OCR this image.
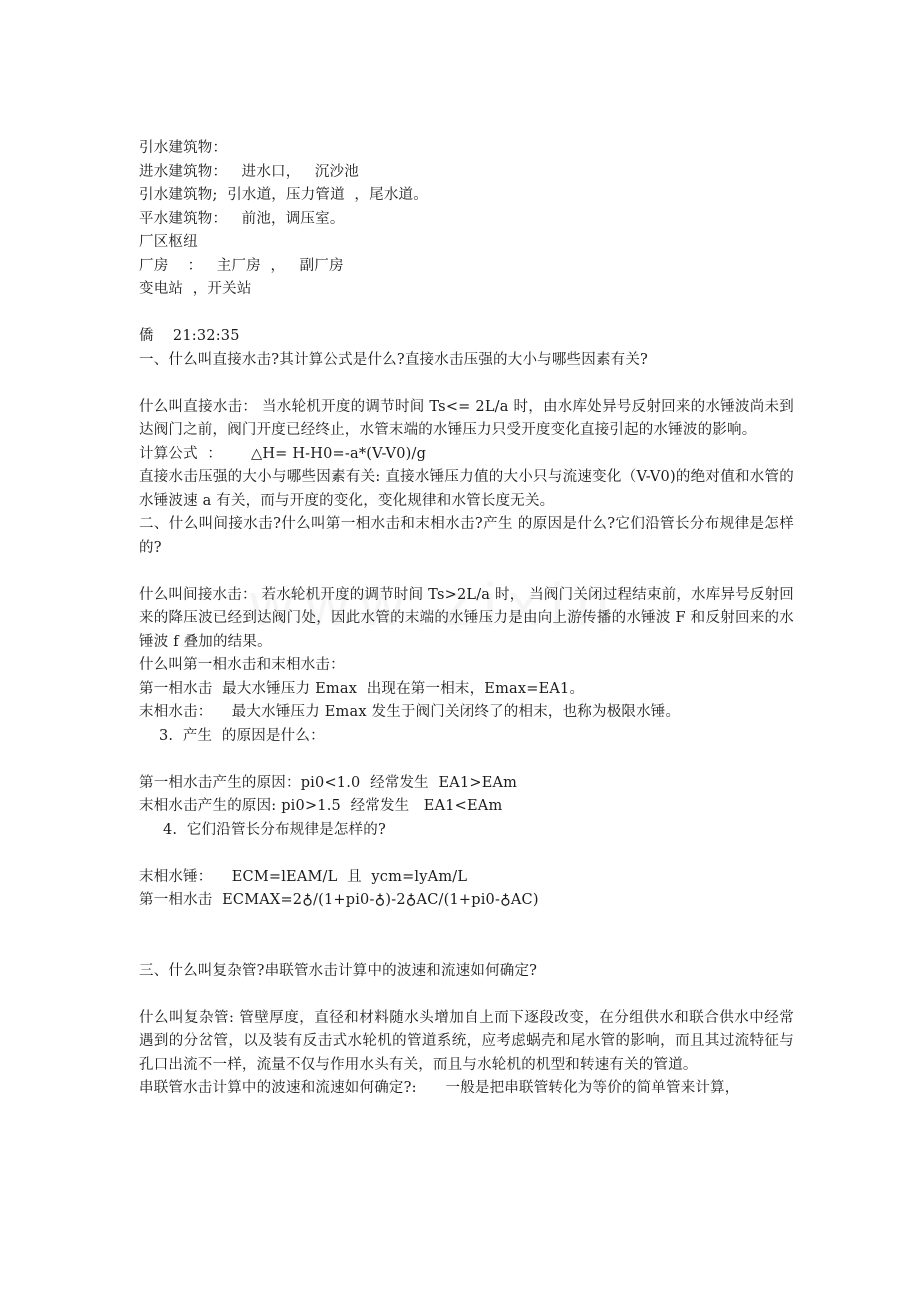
引水建筑物：
进水建筑物：   进水口，   沉沙池
引水建筑物;  引水道，压力管道  ，尾水道。
平水建筑物：   前池，调压室。
厂区枢纽
厂房    ：   主厂房  ，   副厂房
变电站  ，开关站
僑    21:32:35
一、什么叫直接水击?其计算公式是什么?直接水击压强的大小与哪些因素有关?
什么叫直接水击： 当水轮机开度的调节时间 Ts<= 2L/a 时，由水库处异号反射回来的水锤波尚未到达阀门之前，阀门开度已经终止，水管末端的水锤压力只受开度变化直接引起的水锤波的影响。
计算公式  ：      △H= H-H0=-a*(V-V0)/g
直接水击压强的大小与哪些因素有关: 直接水锤压力值的大小只与流速变化（V-V0)的绝对值和水管的水锤波速 a 有关，而与开度的变化，变化规律和水管长度无关。
二、什么叫间接水击?什么叫第一相水击和末相水击?产生 的原因是什么?它们沿管长分布规律是怎样的?
什么叫间接水击： 若水轮机开度的调节时间 Ts>2L/a 时， 当阀门关闭过程结束前，水库异号反射回来的降压波已经到达阀门处，因此水管的末端的水锤压力是由向上游传播的水锤波 F 和反射回来的水锤波 f 叠加的结果。
什么叫第一相水击和末相水击：
第一相水击  最大水锤压力 Emax  出现在第一相末，Emax=EA1。
末相水击：    最大水锤压力 Emax 发生于阀门关闭终了的相末，也称为极限水锤。
3.  产生  的原因是什么：
第一相水击产生的原因：pi0<1.0  经常发生  EA1>EAm
末相水击产生的原因: pi0>1.5  经常发生   EA1<EAm
4.  它们沿管长分布规律是怎样的?
末相水锤：    ECM=lEAM/L  且  ycm=lyAm/L
第一相水击  ECMAX=2♁/(1+pi0-♁)-2♁AC/(1+pi0-♁AC)
三、什么叫复杂管?串联管水击计算中的波速和流速如何确定?
什么叫复杂管: 管壁厚度，直径和材料随水头增加自上而下逐段改变，在分组供水和联合供水中经常遇到的分岔管，以及装有反击式水轮机的管道系统，应考虑蜗壳和尾水管的影响，而且其过流特征与孔口出流不一样，流量不仅与作用水头有关，而且与水轮机的机型和转速有关的管道。
串联管水击计算中的波速和流速如何确定?:      一般是把串联管转化为等价的简单管来计算，
